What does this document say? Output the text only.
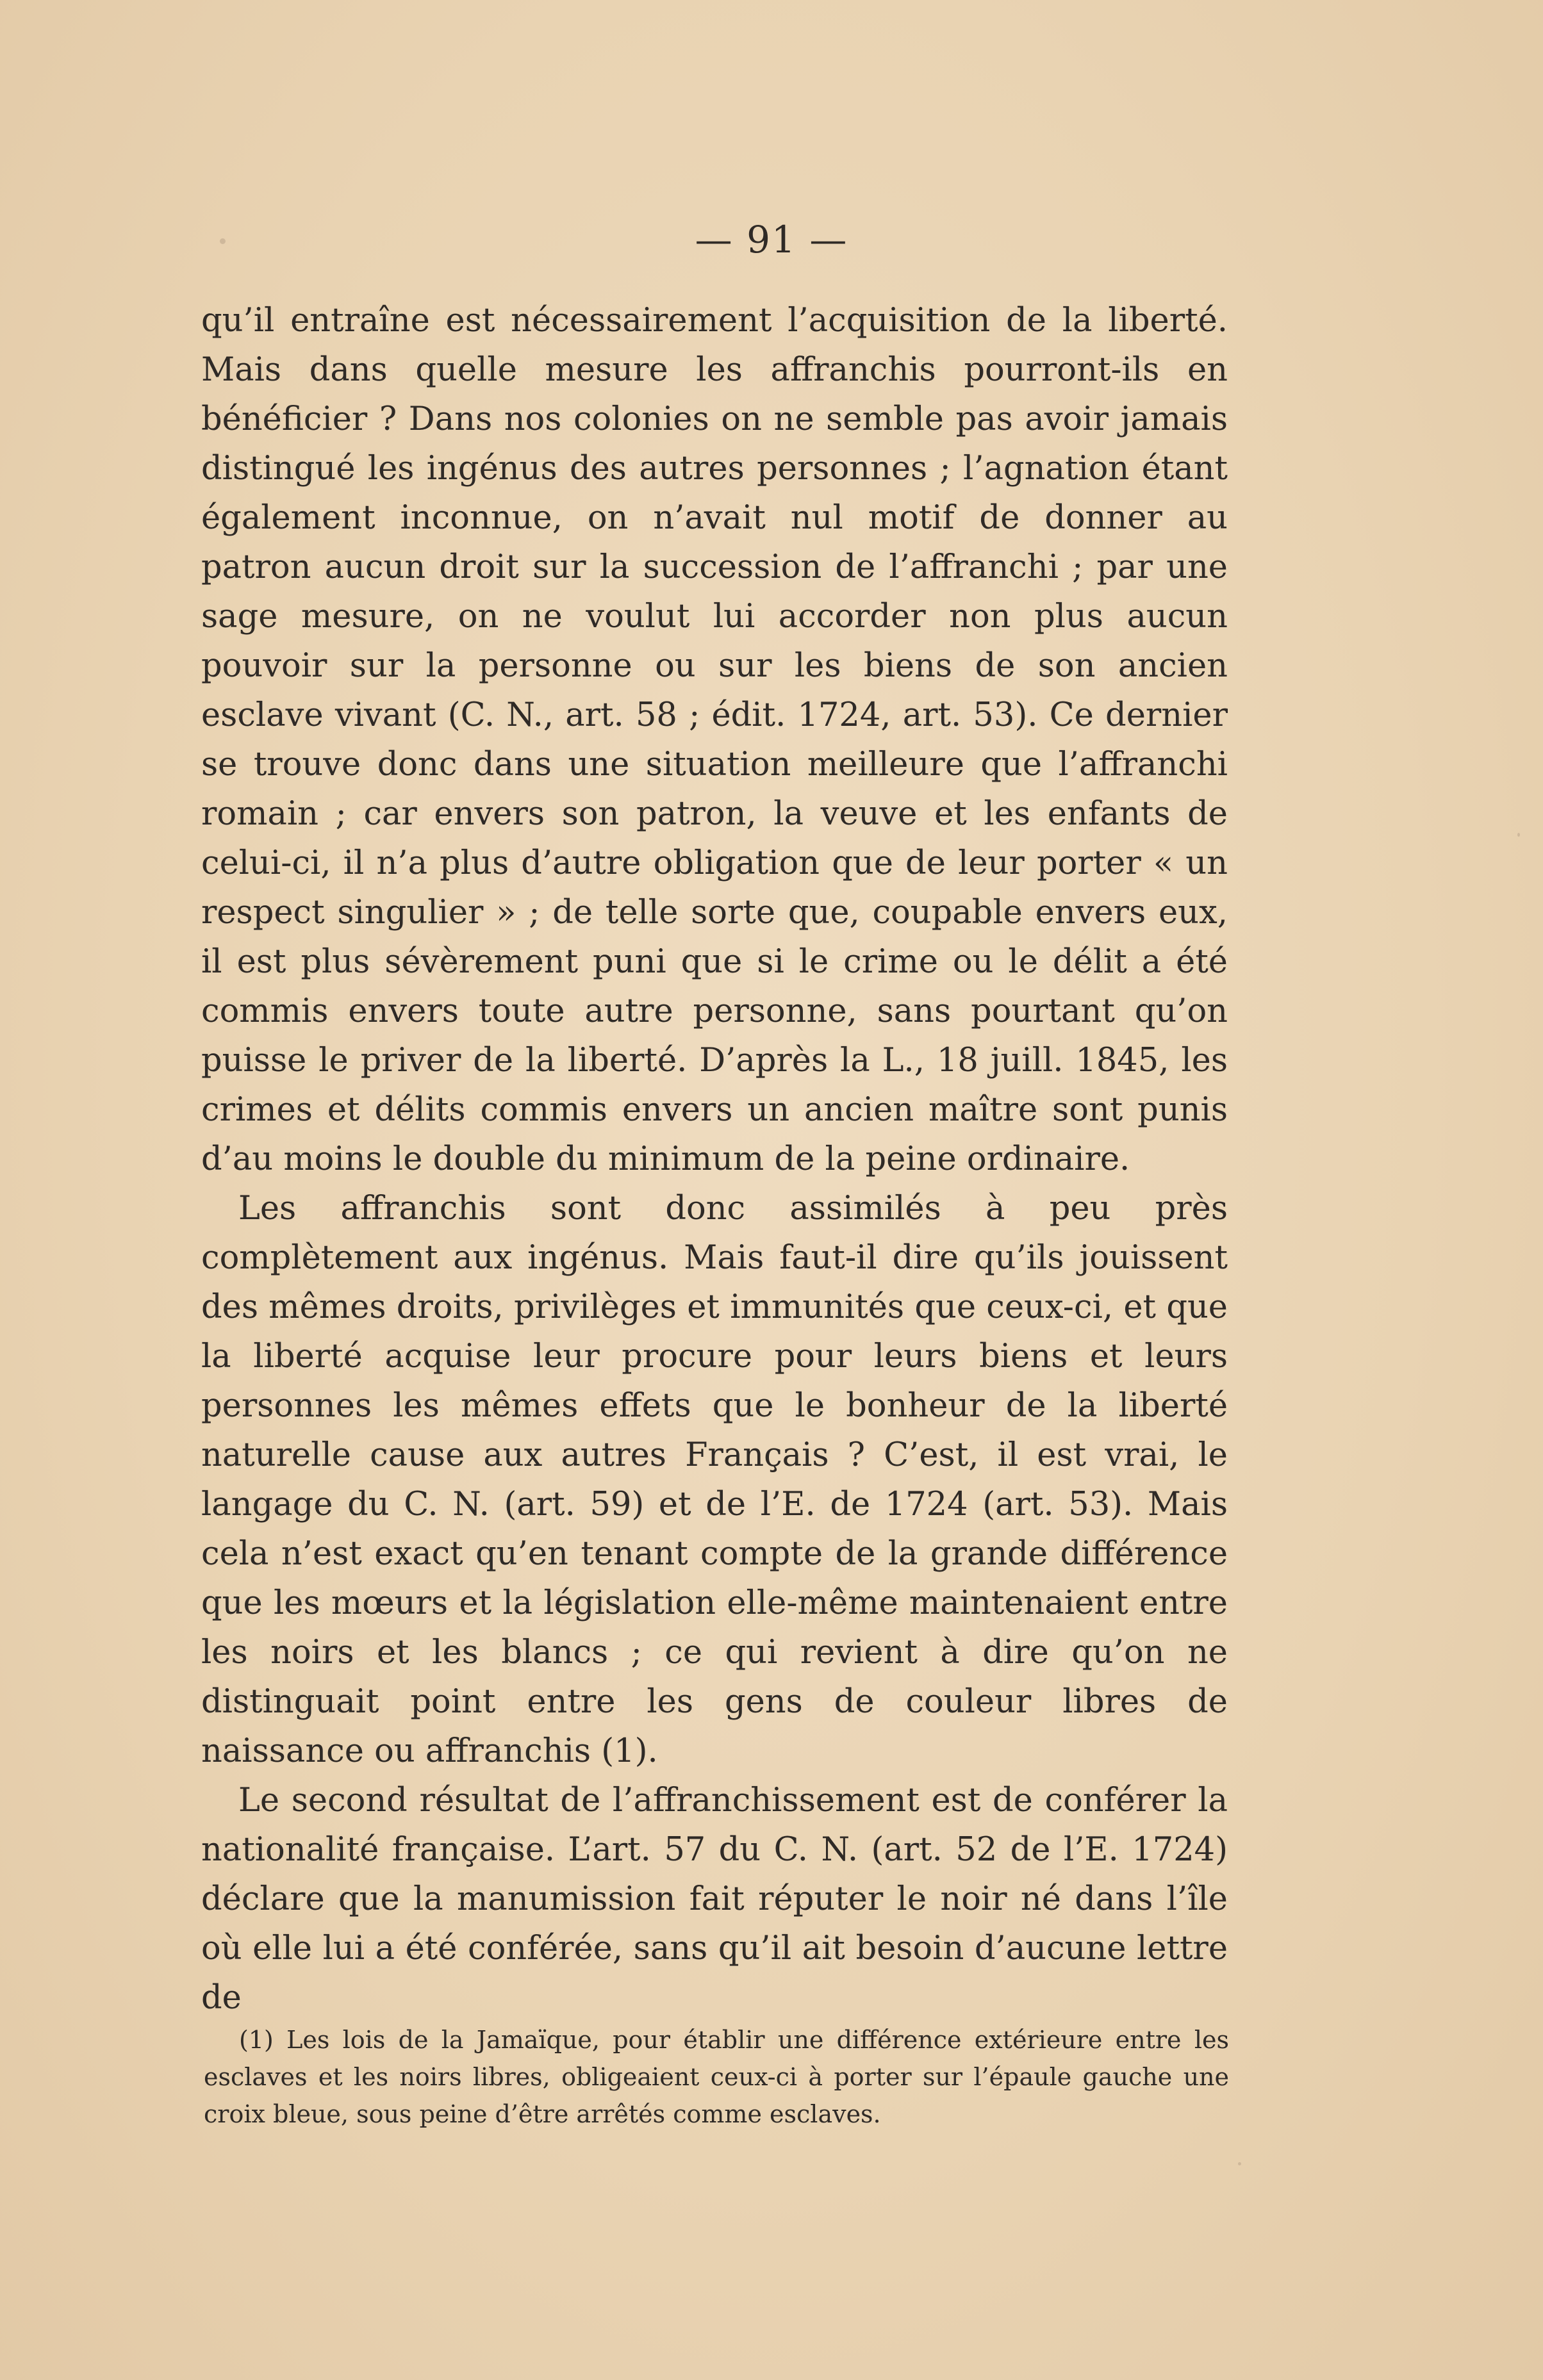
— 91 —

qu’il entraîne est nécessairement l’acquisition de la liberté. Mais dans quelle mesure les affranchis pourront-ils en bénéficier ? Dans nos colonies on ne semble pas avoir jamais distingué les ingénus des autres personnes ; l’agnation étant également inconnue, on n’avait nul motif de donner au patron aucun droit sur la succession de l’affranchi ; par une sage mesure, on ne voulut lui accorder non plus aucun pouvoir sur la personne ou sur les biens de son ancien esclave vivant (C. N., art. 58 ; édit. 1724, art. 53). Ce dernier se trouve donc dans une situation meilleure que l’affranchi romain ; car envers son patron, la veuve et les enfants de celui-ci, il n’a plus d’autre obligation que de leur porter « un respect singulier » ; de telle sorte que, coupable envers eux, il est plus sévèrement puni que si le crime ou le délit a été commis envers toute autre personne, sans pourtant qu’on puisse le priver de la liberté. D’après la L., 18 juill. 1845, les crimes et délits commis envers un ancien maître sont punis d’au moins le double du minimum de la peine ordinaire.

Les affranchis sont donc assimilés à peu près complètement aux ingénus. Mais faut-il dire qu’ils jouissent des mêmes droits, privilèges et immunités que ceux-ci, et que la liberté acquise leur procure pour leurs biens et leurs personnes les mêmes effets que le bonheur de la liberté naturelle cause aux autres Français ? C’est, il est vrai, le langage du C. N. (art. 59) et de l’E. de 1724 (art. 53). Mais cela n’est exact qu’en tenant compte de la grande différence que les mœurs et la législation elle-même maintenaient entre les noirs et les blancs ; ce qui revient à dire qu’on ne distinguait point entre les gens de couleur libres de naissance ou affranchis (1).

Le second résultat de l’affranchissement est de conférer la nationalité française. L’art. 57 du C. N. (art. 52 de l’E. 1724) déclare que la manumission fait réputer le noir né dans l’île où elle lui a été conférée, sans qu’il ait besoin d’aucune lettre de

(1) Les lois de la Jamaïque, pour établir une différence extérieure entre les esclaves et les noirs libres, obligeaient ceux-ci à porter sur l’épaule gauche une croix bleue, sous peine d’être arrêtés comme esclaves.
